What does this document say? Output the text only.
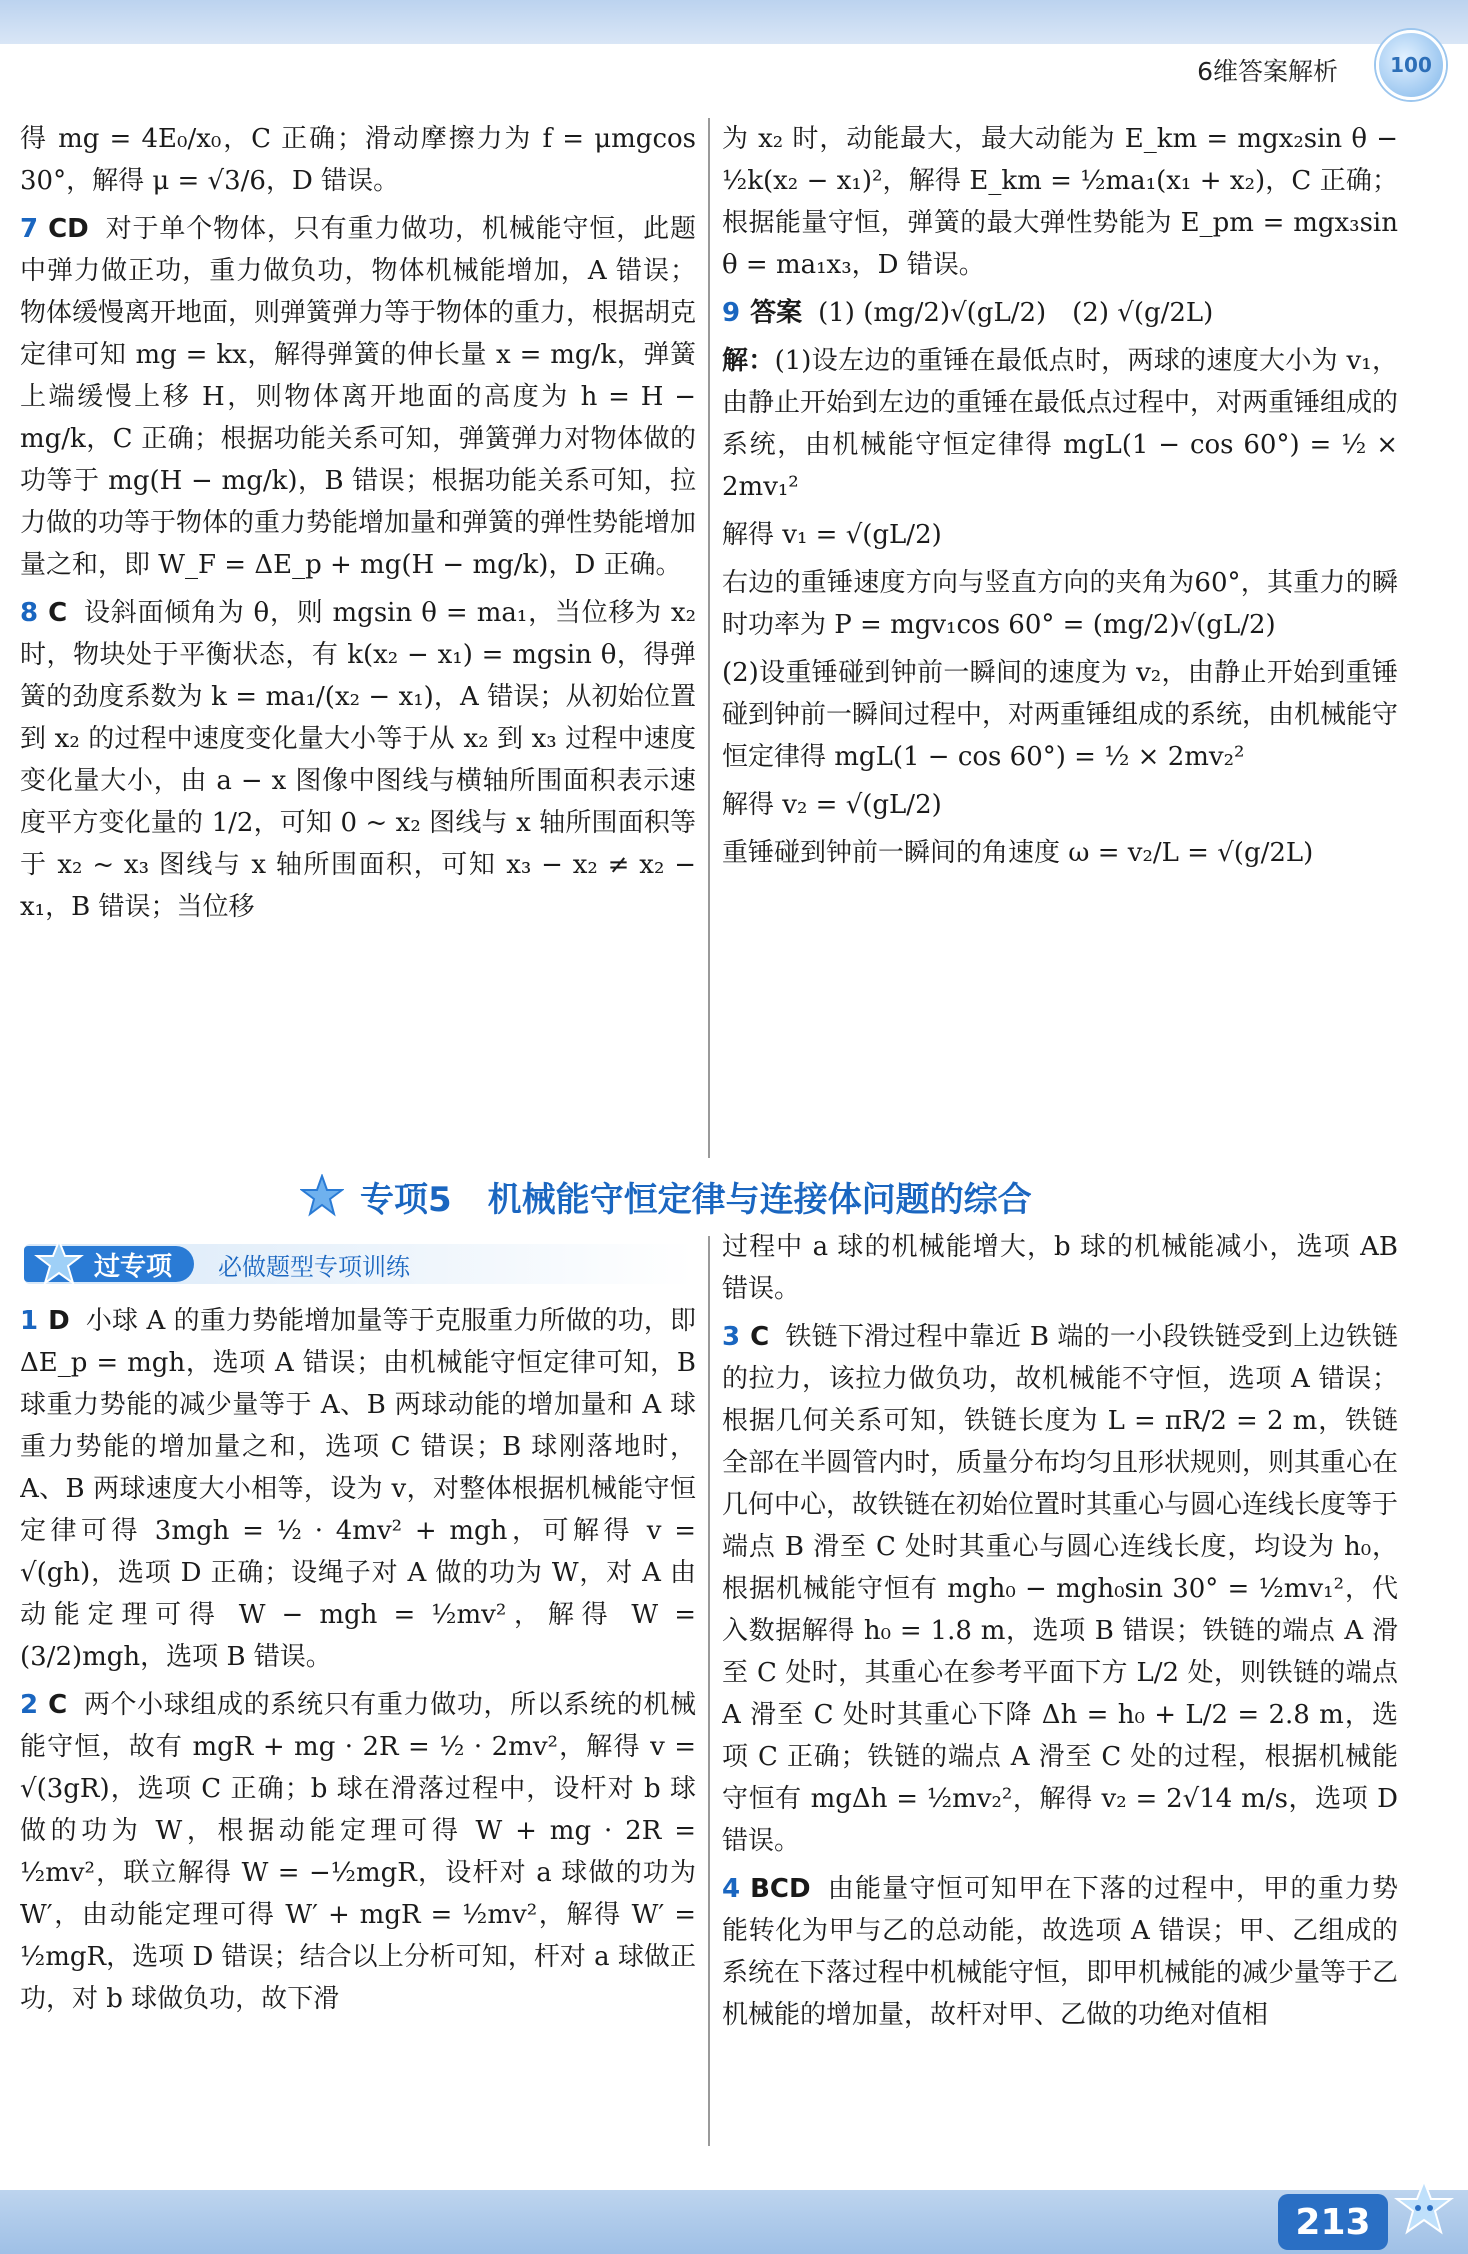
6维答案解析	100

得 mg = 4E₀/x₀，C 正确；滑动摩擦力为 f = μmgcos 30°，解得 μ = √3/6，D 错误。

7 CD 对于单个物体，只有重力做功，机械能守恒，此题中弹力做正功，重力做负功，物体机械能增加，A 错误；物体缓慢离开地面，则弹簧弹力等于物体的重力，根据胡克定律可知 mg = kx，解得弹簧的伸长量 x = mg/k，弹簧上端缓慢上移 H，则物体离开地面的高度为 h = H − mg/k，C 正确；根据功能关系可知，弹簧弹力对物体做的功等于 mg(H − mg/k)，B 错误；根据功能关系可知，拉力做的功等于物体的重力势能增加量和弹簧的弹性势能增加量之和，即 W_F = ΔE_p + mg(H − mg/k)，D 正确。

8 C 设斜面倾角为 θ，则 mgsin θ = ma₁，当位移为 x₂ 时，物块处于平衡状态，有 k(x₂ − x₁) = mgsin θ，得弹簧的劲度系数为 k = ma₁/(x₂ − x₁)，A 错误；从初始位置到 x₂ 的过程中速度变化量大小等于从 x₂ 到 x₃ 过程中速度变化量大小，由 a − x 图像中图线与横轴所围面积表示速度平方变化量的 1/2，可知 0 ~ x₂ 图线与 x 轴所围面积等于 x₂ ~ x₃ 图线与 x 轴所围面积，可知 x₃ − x₂ ≠ x₂ − x₁，B 错误；当位移

为 x₂ 时，动能最大，最大动能为 E_km = mgx₂sin θ − ½k(x₂ − x₁)²，解得 E_km = ½ma₁(x₁ + x₂)，C 正确；根据能量守恒，弹簧的最大弹性势能为 E_pm = mgx₃sin θ = ma₁x₃，D 错误。

9 答案 (1) (mg/2)√(gL/2)　(2) √(g/2L)

解：(1)设左边的重锤在最低点时，两球的速度大小为 v₁，由静止开始到左边的重锤在最低点过程中，对两重锤组成的系统，由机械能守恒定律得 mgL(1 − cos 60°) = ½ × 2mv₁²

解得 v₁ = √(gL/2)

右边的重锤速度方向与竖直方向的夹角为60°，其重力的瞬时功率为 P = mgv₁cos 60° = (mg/2)√(gL/2)

(2)设重锤碰到钟前一瞬间的速度为 v₂，由静止开始到重锤碰到钟前一瞬间过程中，对两重锤组成的系统，由机械能守恒定律得 mgL(1 − cos 60°) = ½ × 2mv₂²

解得 v₂ = √(gL/2)

重锤碰到钟前一瞬间的角速度 ω = v₂/L = √(g/2L)

专项5 机械能守恒定律与连接体问题的综合
过专项 必做题型专项训练

1 D 小球 A 的重力势能增加量等于克服重力所做的功，即 ΔE_p = mgh，选项 A 错误；由机械能守恒定律可知，B 球重力势能的减少量等于 A、B 两球动能的增加量和 A 球重力势能的增加量之和，选项 C 错误；B 球刚落地时，A、B 两球速度大小相等，设为 v，对整体根据机械能守恒定律可得 3mgh = ½ · 4mv² + mgh，可解得 v = √(gh)，选项 D 正确；设绳子对 A 做的功为 W，对 A 由动能定理可得 W − mgh = ½mv²，解得 W = (3/2)mgh，选项 B 错误。

2 C 两个小球组成的系统只有重力做功，所以系统的机械能守恒，故有 mgR + mg · 2R = ½ · 2mv²，解得 v = √(3gR)，选项 C 正确；b 球在滑落过程中，设杆对 b 球做的功为 W，根据动能定理可得 W + mg · 2R = ½mv²，联立解得 W = −½mgR，设杆对 a 球做的功为 W′，由动能定理可得 W′ + mgR = ½mv²，解得 W′ = ½mgR，选项 D 错误；结合以上分析可知，杆对 a 球做正功，对 b 球做负功，故下滑

过程中 a 球的机械能增大，b 球的机械能减小，选项 AB 错误。

3 C 铁链下滑过程中靠近 B 端的一小段铁链受到上边铁链的拉力，该拉力做负功，故机械能不守恒，选项 A 错误；根据几何关系可知，铁链长度为 L = πR/2 = 2 m，铁链全部在半圆管内时，质量分布均匀且形状规则，则其重心在几何中心，故铁链在初始位置时其重心与圆心连线长度等于端点 B 滑至 C 处时其重心与圆心连线长度，均设为 h₀，根据机械能守恒有 mgh₀ − mgh₀sin 30° = ½mv₁²，代入数据解得 h₀ = 1.8 m，选项 B 错误；铁链的端点 A 滑至 C 处时，其重心在参考平面下方 L/2 处，则铁链的端点 A 滑至 C 处时其重心下降 Δh = h₀ + L/2 = 2.8 m，选项 C 正确；铁链的端点 A 滑至 C 处的过程，根据机械能守恒有 mgΔh = ½mv₂²，解得 v₂ = 2√14 m/s，选项 D 错误。

4 BCD 由能量守恒可知甲在下落的过程中，甲的重力势能转化为甲与乙的总动能，故选项 A 错误；甲、乙组成的系统在下落过程中机械能守恒，即甲机械能的减少量等于乙机械能的增加量，故杆对甲、乙做的功绝对值相

213
